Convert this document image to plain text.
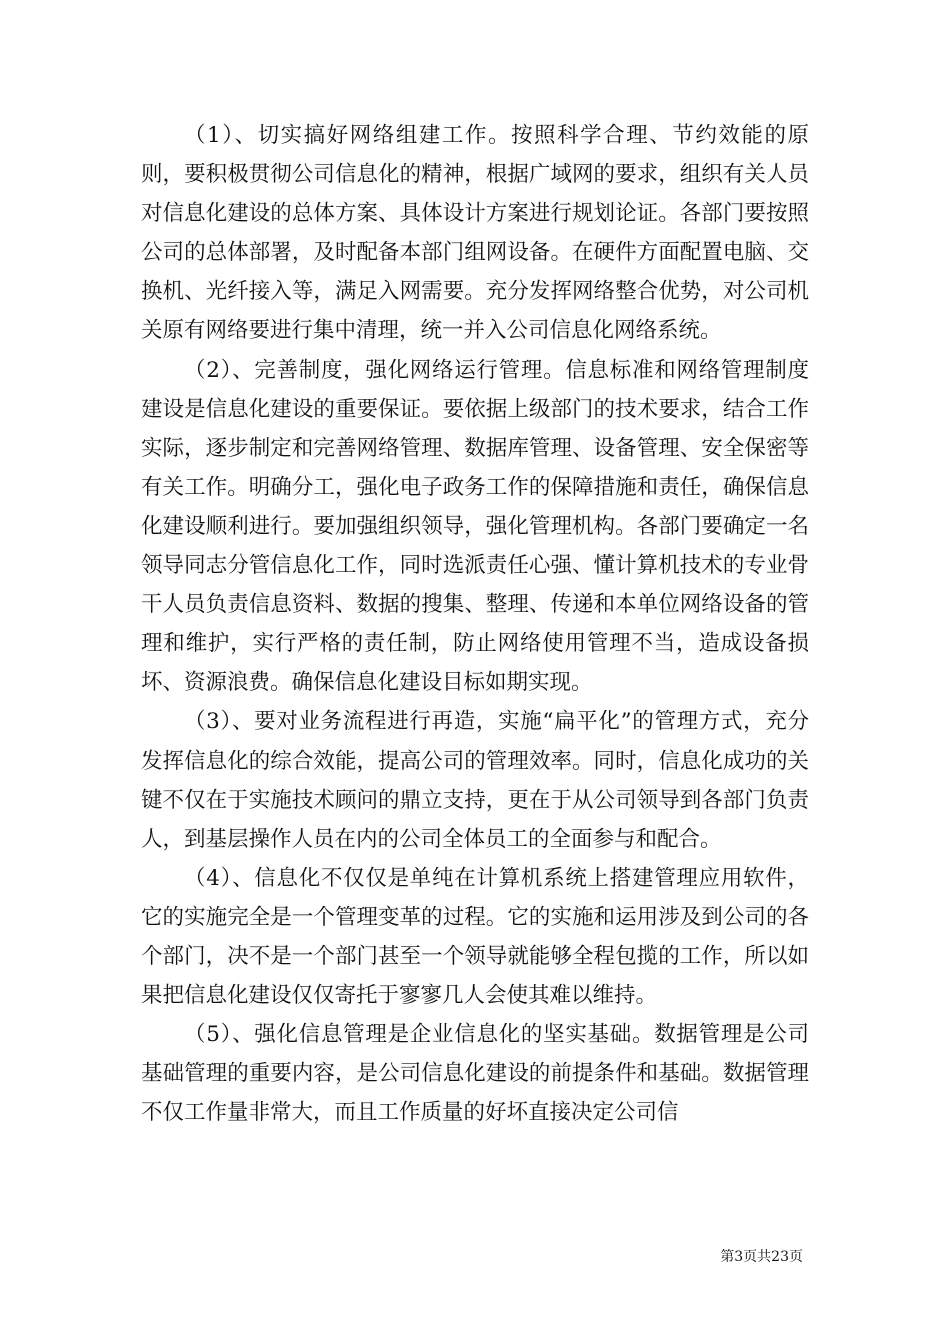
（1）、切实搞好网络组建工作。按照科学合理、节约效能的原则，要积极贯彻公司信息化的精神，根据广域网的要求，组织有关人员对信息化建设的总体方案、具体设计方案进行规划论证。各部门要按照公司的总体部署，及时配备本部门组网设备。在硬件方面配置电脑、交换机、光纤接入等，满足入网需要。充分发挥网络整合优势，对公司机关原有网络要进行集中清理，统一并入公司信息化网络系统。

（2）、完善制度，强化网络运行管理。信息标准和网络管理制度建设是信息化建设的重要保证。要依据上级部门的技术要求，结合工作实际，逐步制定和完善网络管理、数据库管理、设备管理、安全保密等有关工作。明确分工，强化电子政务工作的保障措施和责任，确保信息化建设顺利进行。要加强组织领导，强化管理机构。各部门要确定一名领导同志分管信息化工作，同时选派责任心强、懂计算机技术的专业骨干人员负责信息资料、数据的搜集、整理、传递和本单位网络设备的管理和维护，实行严格的责任制，防止网络使用管理不当，造成设备损坏、资源浪费。确保信息化建设目标如期实现。

（3）、要对业务流程进行再造，实施“扁平化”的管理方式，充分发挥信息化的综合效能，提高公司的管理效率。同时，信息化成功的关键不仅在于实施技术顾问的鼎立支持，更在于从公司领导到各部门负责人，到基层操作人员在内的公司全体员工的全面参与和配合。

（4）、信息化不仅仅是单纯在计算机系统上搭建管理应用软件，它的实施完全是一个管理变革的过程。它的实施和运用涉及到公司的各个部门，决不是一个部门甚至一个领导就能够全程包揽的工作，所以如果把信息化建设仅仅寄托于寥寥几人会使其难以维持。

（5）、强化信息管理是企业信息化的坚实基础。数据管理是公司基础管理的重要内容，是公司信息化建设的前提条件和基础。数据管理不仅工作量非常大，而且工作质量的好坏直接决定公司信

第3页共23页
